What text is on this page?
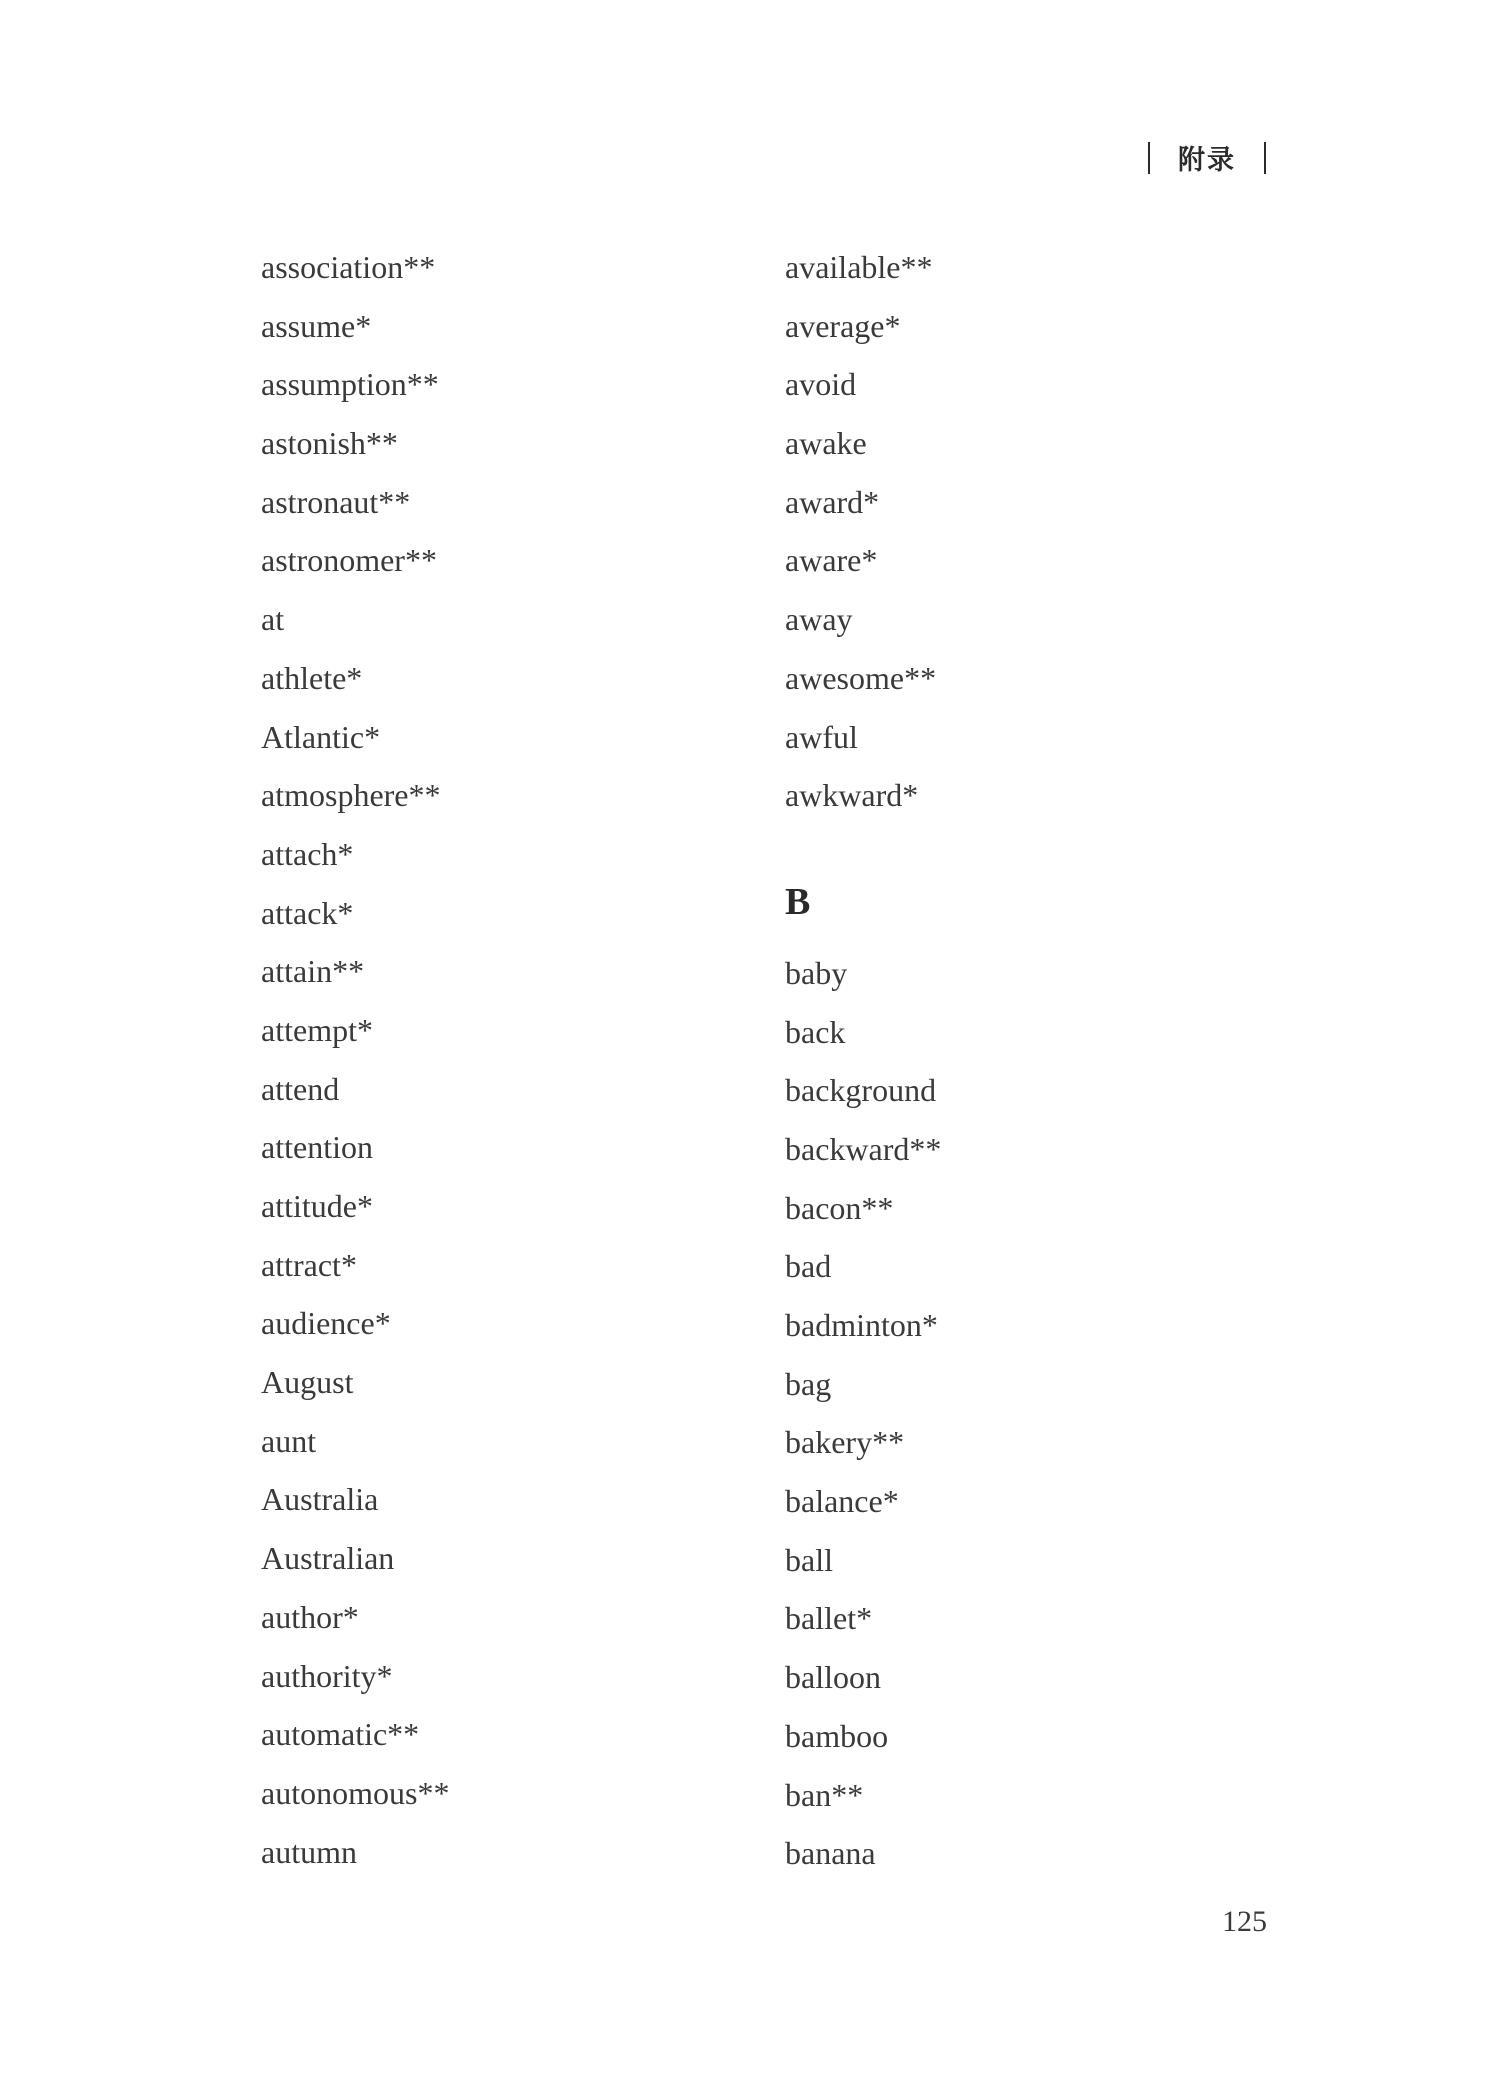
附录
association**
assume*
assumption**
astonish**
astronaut**
astronomer**
at
athlete*
Atlantic*
atmosphere**
attach*
attack*
attain**
attempt*
attend
attention
attitude*
attract*
audience*
August
aunt
Australia
Australian
author*
authority*
automatic**
autonomous**
autumn
available**
average*
avoid
awake
award*
aware*
away
awesome**
awful
awkward*
B
baby
back
background
backward**
bacon**
bad
badminton*
bag
bakery**
balance*
ball
ballet*
balloon
bamboo
ban**
banana
125
